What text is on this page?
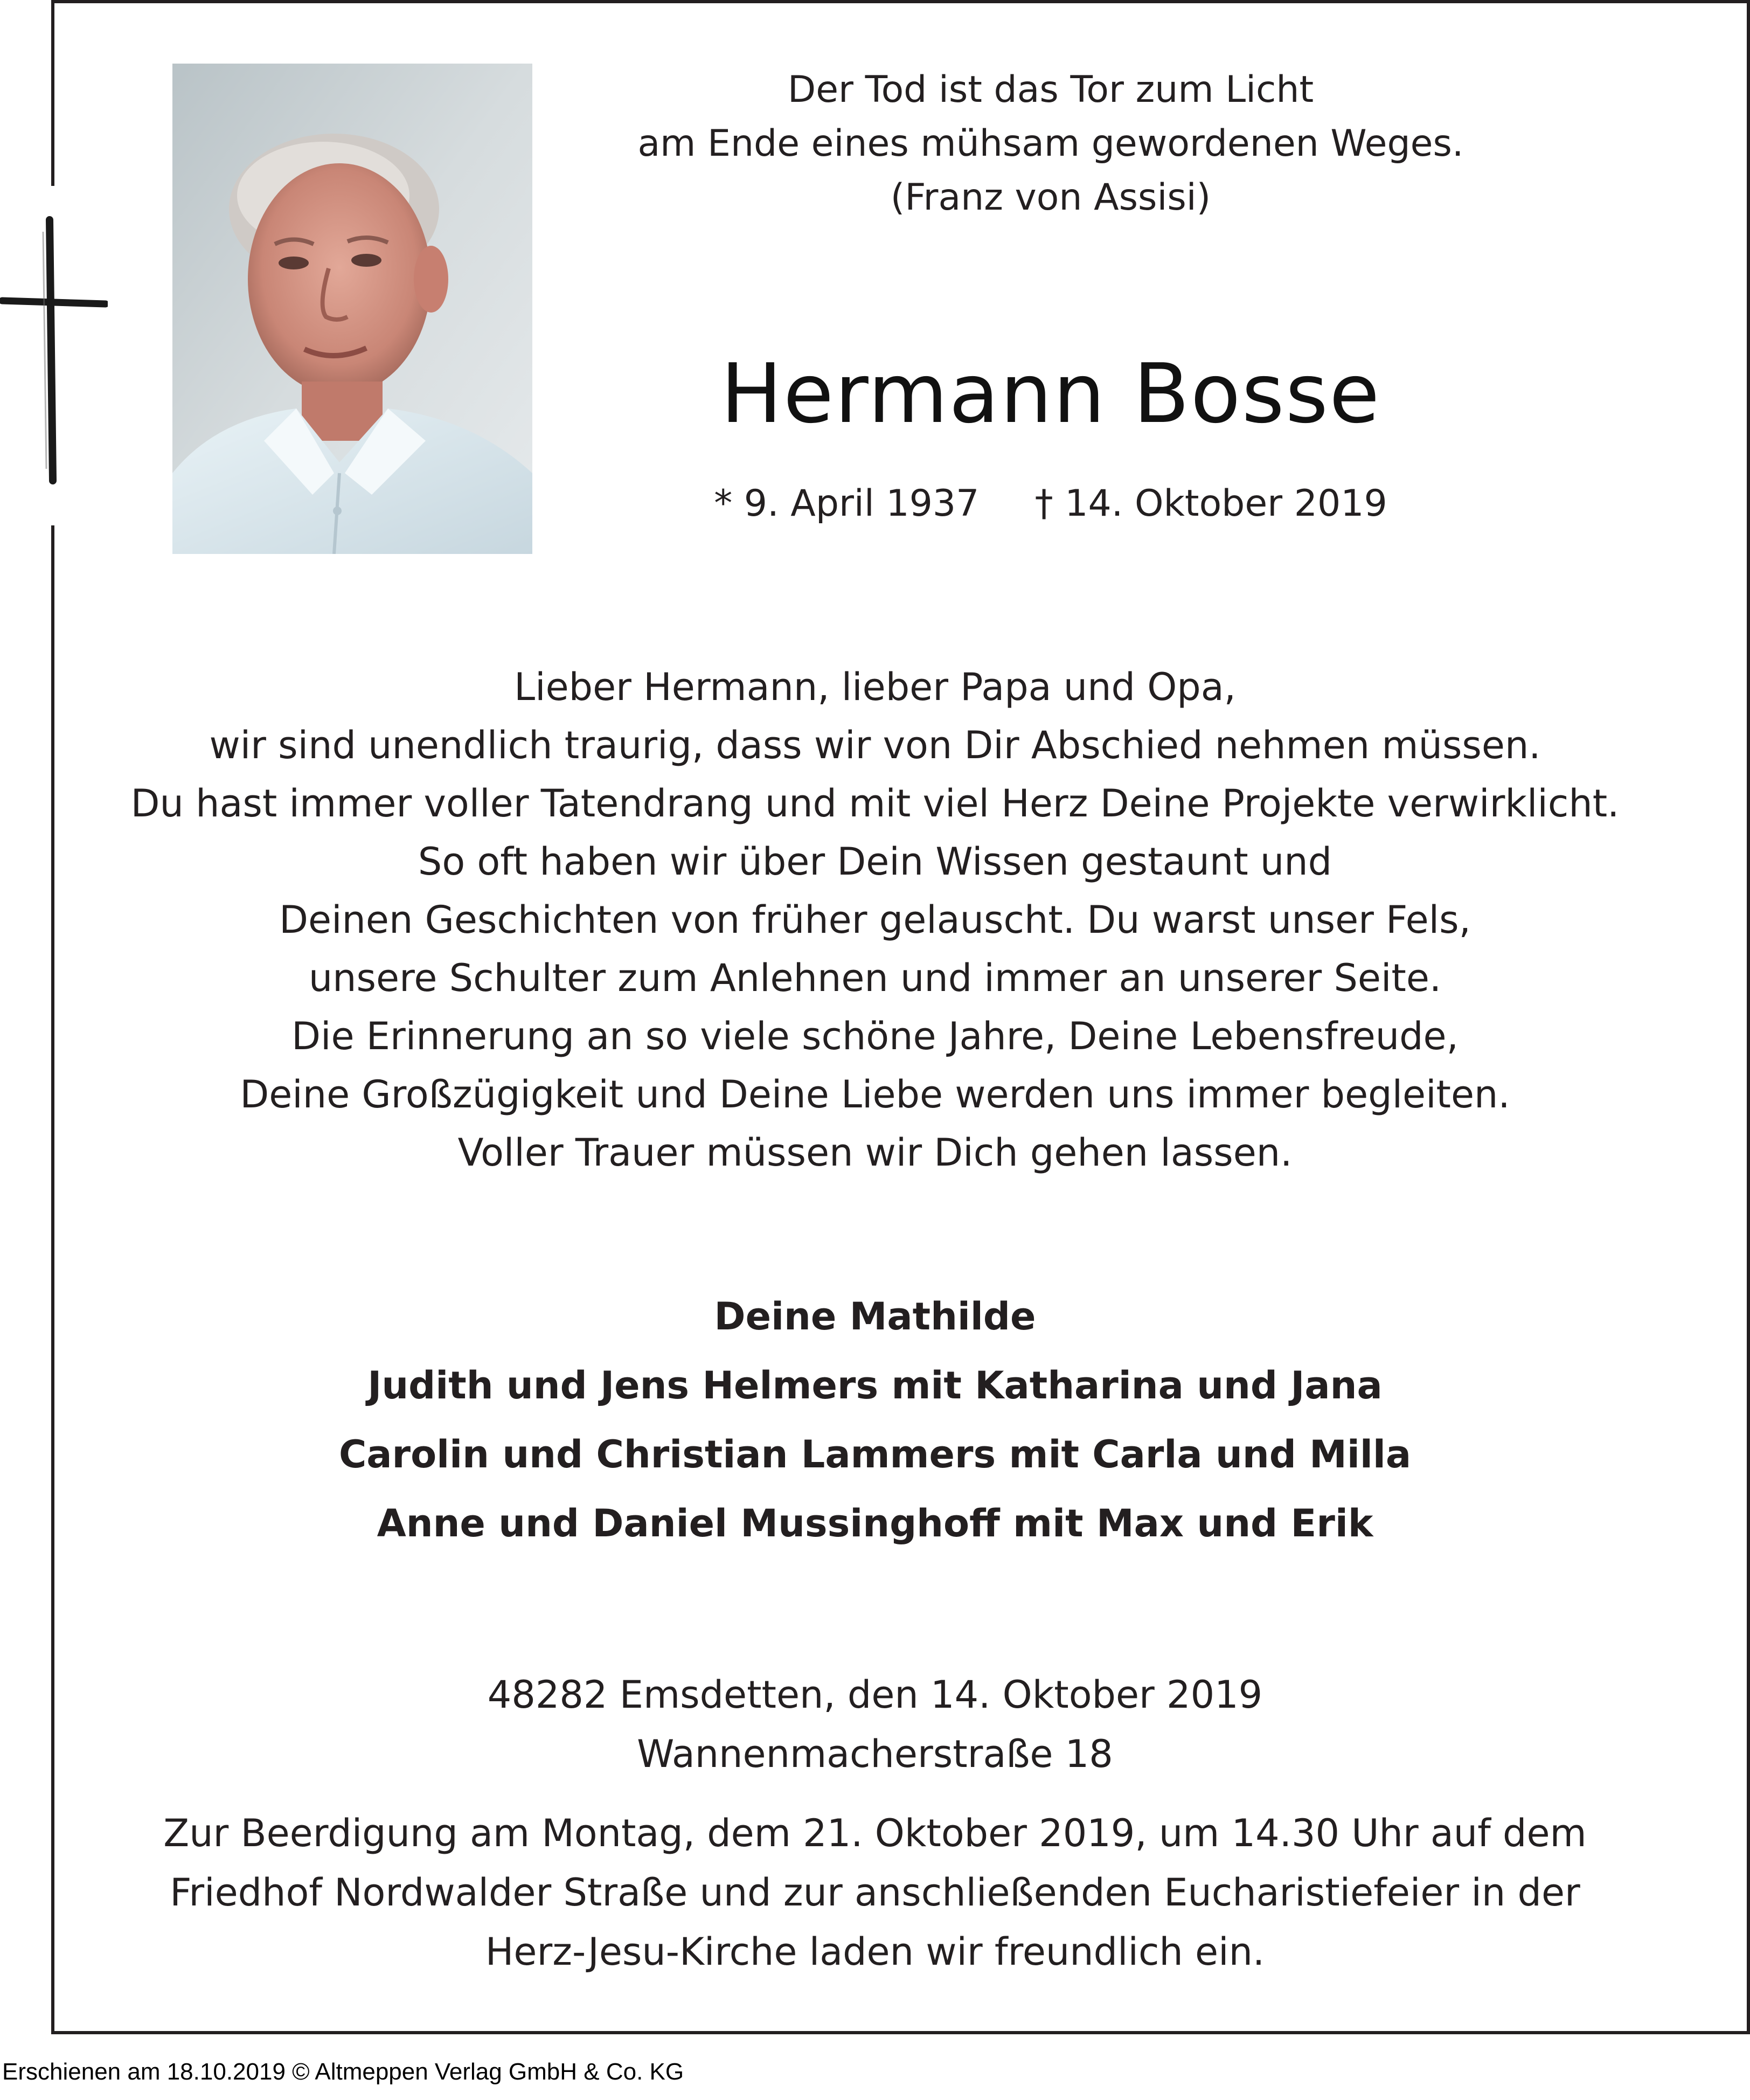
Der Tod ist das Tor zum Licht
am Ende eines mühsam gewordenen Weges.
(Franz von Assisi)
Hermann Bosse
* 9. April 1937 † 14. Oktober 2019
Lieber Hermann, lieber Papa und Opa,
wir sind unendlich traurig, dass wir von Dir Abschied nehmen müssen.
Du hast immer voller Tatendrang und mit viel Herz Deine Projekte verwirklicht.
So oft haben wir über Dein Wissen gestaunt und
Deinen Geschichten von früher gelauscht. Du warst unser Fels,
unsere Schulter zum Anlehnen und immer an unserer Seite.
Die Erinnerung an so viele schöne Jahre, Deine Lebensfreude,
Deine Großzügigkeit und Deine Liebe werden uns immer begleiten.
Voller Trauer müssen wir Dich gehen lassen.
Deine Mathilde
Judith und Jens Helmers mit Katharina und Jana
Carolin und Christian Lammers mit Carla und Milla
Anne und Daniel Mussinghoff mit Max und Erik
48282 Emsdetten, den 14. Oktober 2019
Wannenmacherstraße 18
Zur Beerdigung am Montag, dem 21. Oktober 2019, um 14.30 Uhr auf dem
Friedhof Nordwalder Straße und zur anschließenden Eucharistiefeier in der
Herz-Jesu-Kirche laden wir freundlich ein.
Erschienen am 18.10.2019 © Altmeppen Verlag GmbH & Co. KG
